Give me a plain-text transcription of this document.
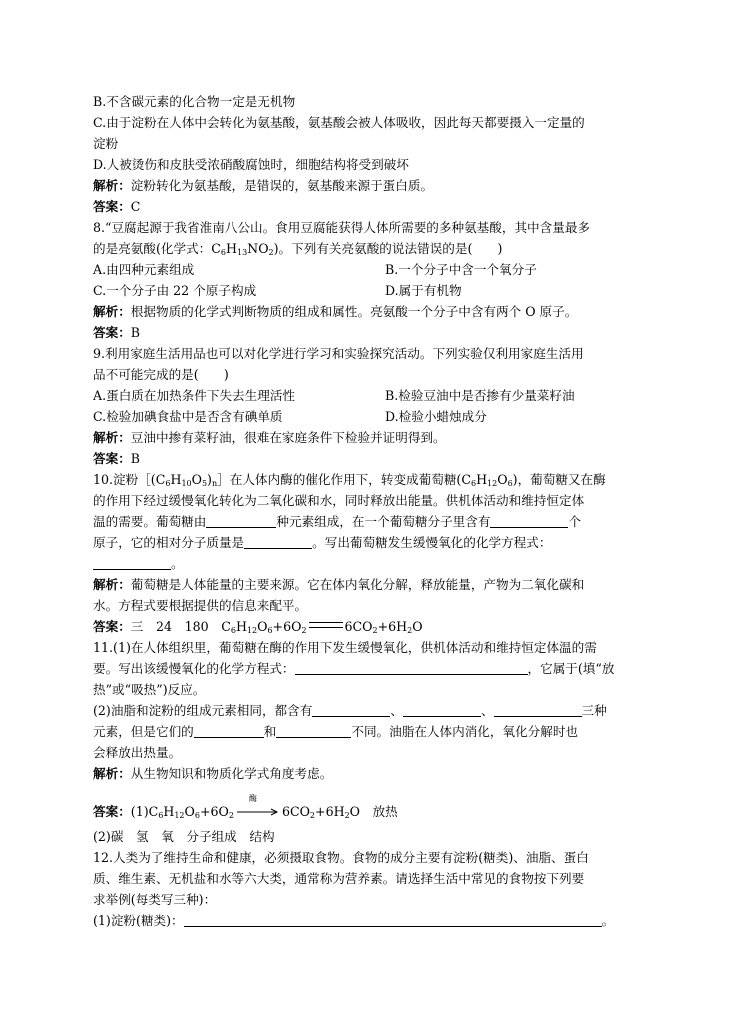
B.不含碳元素的化合物一定是无机物
C.由于淀粉在人体中会转化为氨基酸，氨基酸会被人体吸收，因此每天都要摄入一定量的
淀粉
D.人被烫伤和皮肤受浓硝酸腐蚀时，细胞结构将受到破坏
解析：淀粉转化为氨基酸，是错误的，氨基酸来源于蛋白质。
答案：C
8.“豆腐起源于我省淮南八公山。食用豆腐能获得人体所需要的多种氨基酸，其中含量最多
的是亮氨酸(化学式：$C_6H_{13}NO_2$)。下列有关亮氨酸的说法错误的是(　　)
A.由四种元素组成	B.一个分子中含一个氧分子
C.一个分子由 22 个原子构成	D.属于有机物
解析：根据物质的化学式判断物质的组成和属性。亮氨酸一个分子中含有两个 O 原子。
答案：B
9.利用家庭生活用品也可以对化学进行学习和实验探究活动。下列实验仅利用家庭生活用
品不可能完成的是(　　)
A.蛋白质在加热条件下失去生理活性	B.检验豆油中是否掺有少量菜籽油
C.检验加碘食盐中是否含有碘单质	D.检验小蜡烛成分
解析：豆油中掺有菜籽油，很难在家庭条件下检验并证明得到。
答案：B
10.淀粉$[(C_6H_{10}O_5)_n]$在人体内酶的催化作用下，转变成葡萄糖$(C_6H_{12}O_6)$，葡萄糖又在酶
的作用下经过缓慢氧化转化为二氧化碳和水，同时释放出能量。供机体活动和维持恒定体
温的需要。葡萄糖由	种元素组成，在一个葡萄糖分子里含有	个
原子，它的相对分子质量是	。写出葡萄糖发生缓慢氧化的化学方程式：
。
解析：葡萄糖是人体能量的主要来源。它在体内氧化分解，释放能量，产物为二氧化碳和
水。方程式要根据提供的信息来配平。
答案：三　24　180　$C_6H_{12}O_6+6O_2$	$6CO_2+6H_2O$
11.(1)在人体组织里，葡萄糖在酶的作用下发生缓慢氧化，供机体活动和维持恒定体温的需
要。写出该缓慢氧化的化学方程式：	，它属于(填“放
热”或“吸热”)反应。
(2)油脂和淀粉的组成元素相同，都含有	、	、	三种
元素，但是它们的	和	不同。油脂在人体内消化，氧化分解时也
会释放出热量。
解析：从生物知识和物质化学式角度考虑。
答案：$(1)C_6H_{12}O_6+6O_2$
酶
$6CO_2+6H_2O$　放热
(2)碳　氢　氧　分子组成　结构
12.人类为了维持生命和健康，必须摄取食物。食物的成分主要有淀粉(糖类)、油脂、蛋白
质、维生素、无机盐和水等六大类，通常称为营养素。请选择生活中常见的食物按下列要
求举例(每类写三种)：
(1)淀粉(糖类)：	。
